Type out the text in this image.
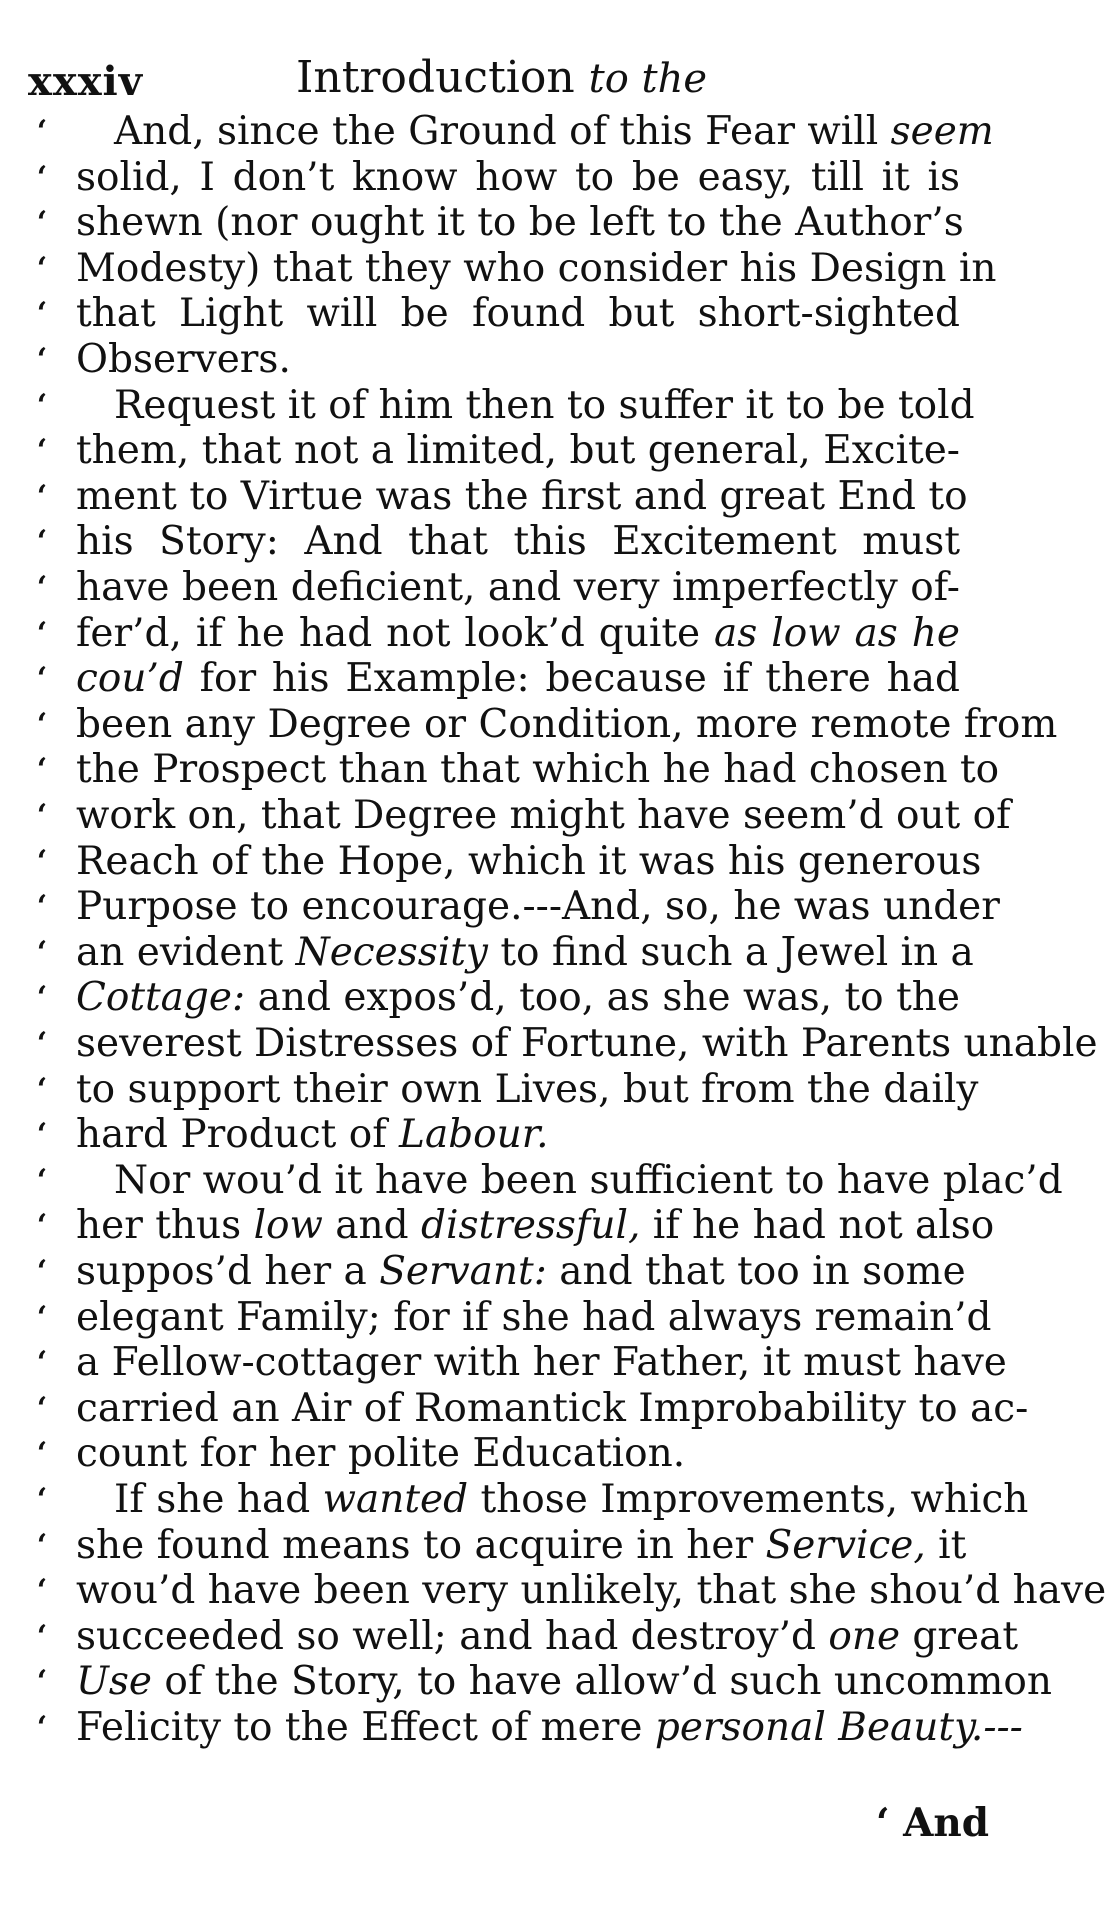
xxxiv	Introduction to the
‘ And, since the Ground of this Fear will seem
‘ solid, I don’t know how to be easy, till it is
‘ shewn (nor ought it to be left to the Author’s
‘ Modesty) that they who consider his Design in
‘ that Light will be found but short-sighted
‘ Observers.
‘ Request it of him then to suffer it to be told
‘ them, that not a limited, but general, Excite-
‘ ment to Virtue was the first and great End to
‘ his Story: And that this Excitement must
‘ have been deficient, and very imperfectly of-
‘ fer’d, if he had not look’d quite as low as he
‘ cou’d for his Example: because if there had
‘ been any Degree or Condition, more remote from
‘ the Prospect than that which he had chosen to
‘ work on, that Degree might have seem’d out of
‘ Reach of the Hope, which it was his generous
‘ Purpose to encourage.---And, so, he was under
‘ an evident Necessity to find such a Jewel in a
‘ Cottage: and expos’d, too, as she was, to the
‘ severest Distresses of Fortune, with Parents unable
‘ to support their own Lives, but from the daily
‘ hard Product of Labour.
‘ Nor wou’d it have been sufficient to have plac’d
‘ her thus low and distressful, if he had not also
‘ suppos’d her a Servant: and that too in some
‘ elegant Family; for if she had always remain’d
‘ a Fellow-cottager with her Father, it must have
‘ carried an Air of Romantick Improbability to ac-
‘ count for her polite Education.
‘ If she had wanted those Improvements, which
‘ she found means to acquire in her Service, it
‘ wou’d have been very unlikely, that she shou’d have
‘ succeeded so well; and had destroy’d one great
‘ Use of the Story, to have allow’d such uncommon
‘ Felicity to the Effect of mere personal Beauty.---
‘ And
